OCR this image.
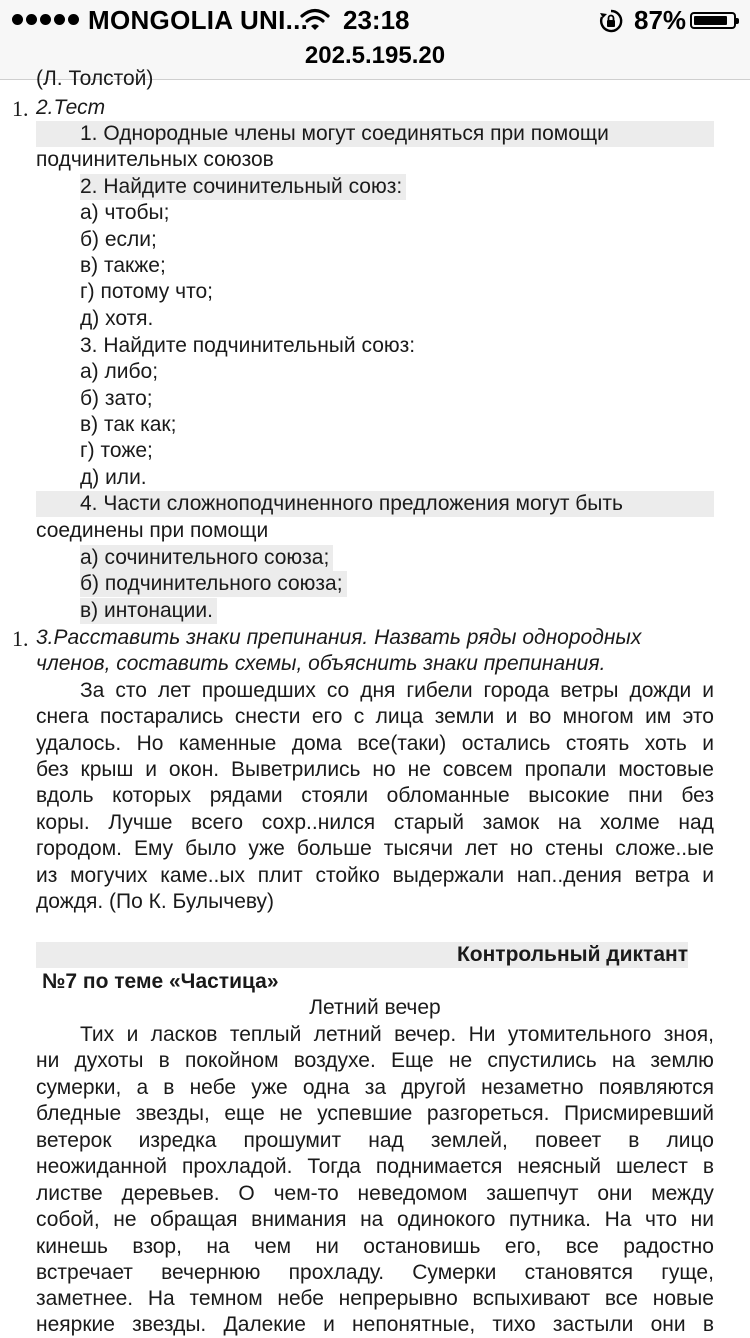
MONGOLIA UNI... 23:18	87%
202.5.195.20
(Л. Толстой)
1. 2.Тест
1. Однородные члены могут соединяться при помощи
подчинительных союзов
2. Найдите сочинительный союз:
а) чтобы;
б) если;
в) также;
г) потому что;
д) хотя.
3. Найдите подчинительный союз:
а) либо;
б) зато;
в) так как;
г) тоже;
д) или.
4. Части сложноподчиненного предложения могут быть
соединены при помощи
а) сочинительного союза;
б) подчинительного союза;
в) интонации.
1. 3.Расставить знаки препинания. Назвать ряды однородных
членов, составить схемы, объяснить знаки препинания.
За сто лет прошедших со дня гибели города ветры дожди и
снега постарались снести его с лица земли и во многом им это
удалось. Но каменные дома все(таки) остались стоять хоть и
без крыш и окон. Выветрились но не совсем пропали мостовые
вдоль которых рядами стояли обломанные высокие пни без
коры. Лучше всего сохр..нился старый замок на холме над
городом. Ему было уже больше тысячи лет но стены сложе..ые
из могучих каме..ых плит стойко выдержали нап..дения ветра и
дождя. (По К. Булычеву)
Контрольный диктант
№7 по теме «Частица»
Летний вечер
Тих и ласков теплый летний вечер. Ни утомительного зноя,
ни духоты в покойном воздухе. Еще не спустились на землю
сумерки, а в небе уже одна за другой незаметно появляются
бледные звезды, еще не успевшие разгореться. Присмиревший
ветерок изредка прошумит над землей, повеет в лицо
неожиданной прохладой. Тогда поднимается неясный шелест в
листве деревьев. О чем-то неведомом зашепчут они между
собой, не обращая внимания на одинокого путника. На что ни
кинешь взор, на чем ни остановишь его, все радостно
встречает вечернюю прохладу. Сумерки становятся гуще,
заметнее. На темном небе непрерывно вспыхивают все новые
неяркие звезды. Далекие и непонятные, тихо застыли они в
